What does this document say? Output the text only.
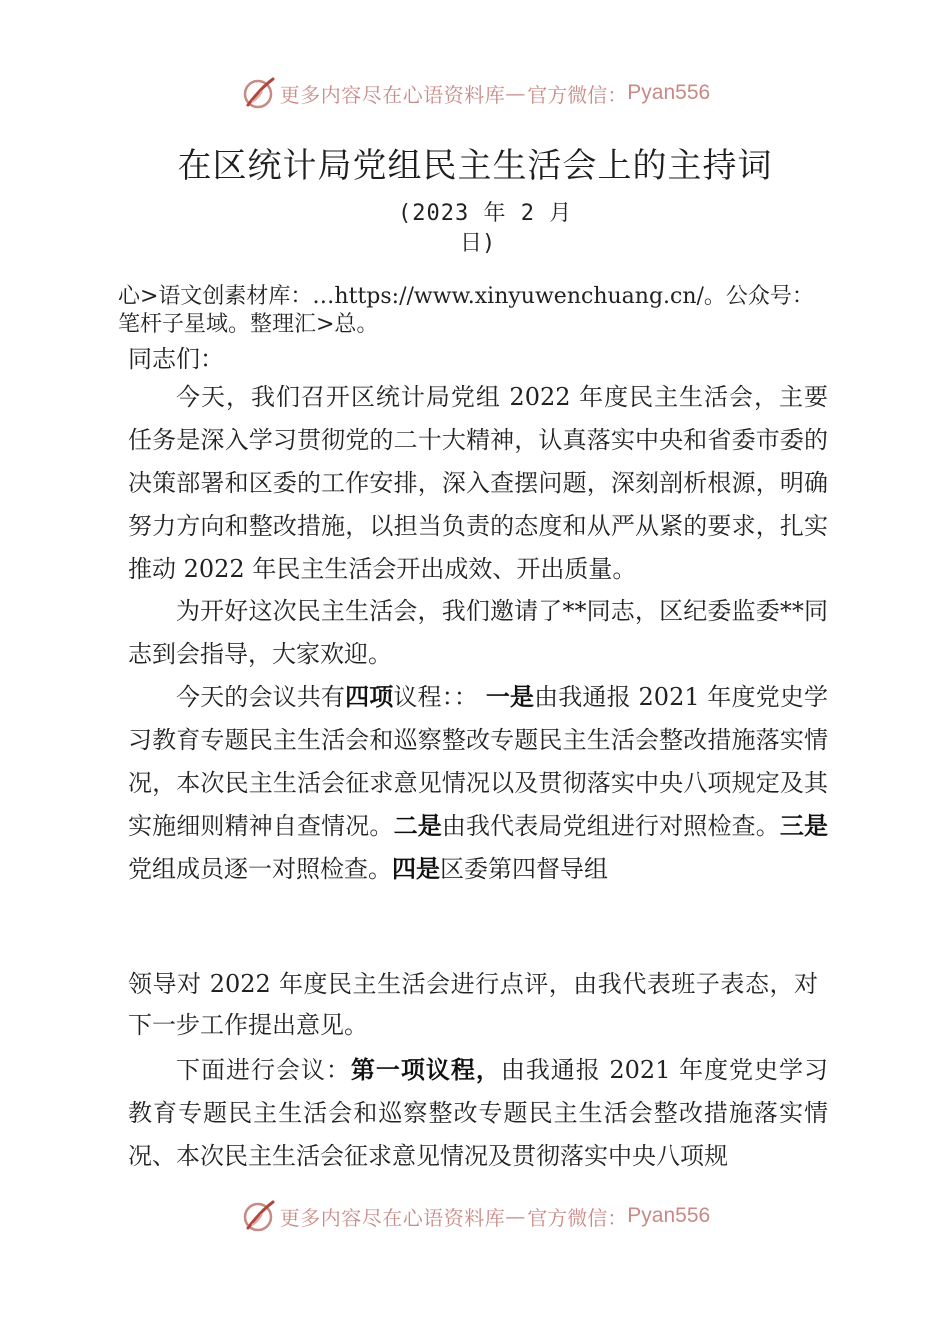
更多内容尽在心语资料库 — 官方微信： Pyan556
在区统计局党组民主生活会上的主持词
(2023 年 2 月
日)
心>语文创素材库：…https://www.xinyuwenchuang.cn/。公众号：笔杆子星域。整理汇>总。
同志们：
今天，我们召开区统计局党组 2022 年度民主生活会，主要任务是深入学习贯彻党的二十大精神，认真落实中央和省委市委的决策部署和区委的工作安排，深入查摆问题，深刻剖析根源，明确努力方向和整改措施，以担当负责的态度和从严从紧的要求，扎实推动 2022 年民主生活会开出成效、开出质量。
为开好这次民主生活会，我们邀请了**同志，区纪委监委**同志到会指导，大家欢迎。
今天的会议共有四项议程：： 一是由我通报 2021 年度党史学习教育专题民主生活会和巡察整改专题民主生活会整改措施落实情况，本次民主生活会征求意见情况以及贯彻落实中央八项规定及其实施细则精神自查情况。二是由我代表局党组进行对照检查。三是党组成员逐一对照检查。四是区委第四督导组
领导对 2022 年度民主生活会进行点评，由我代表班子表态，对下一步工作提出意见。
下面进行会议：第一项议程，由我通报 2021 年度党史学习教育专题民主生活会和巡察整改专题民主生活会整改措施落实情况、本次民主生活会征求意见情况及贯彻落实中央八项规
更多内容尽在心语资料库 — 官方微信： Pyan556
